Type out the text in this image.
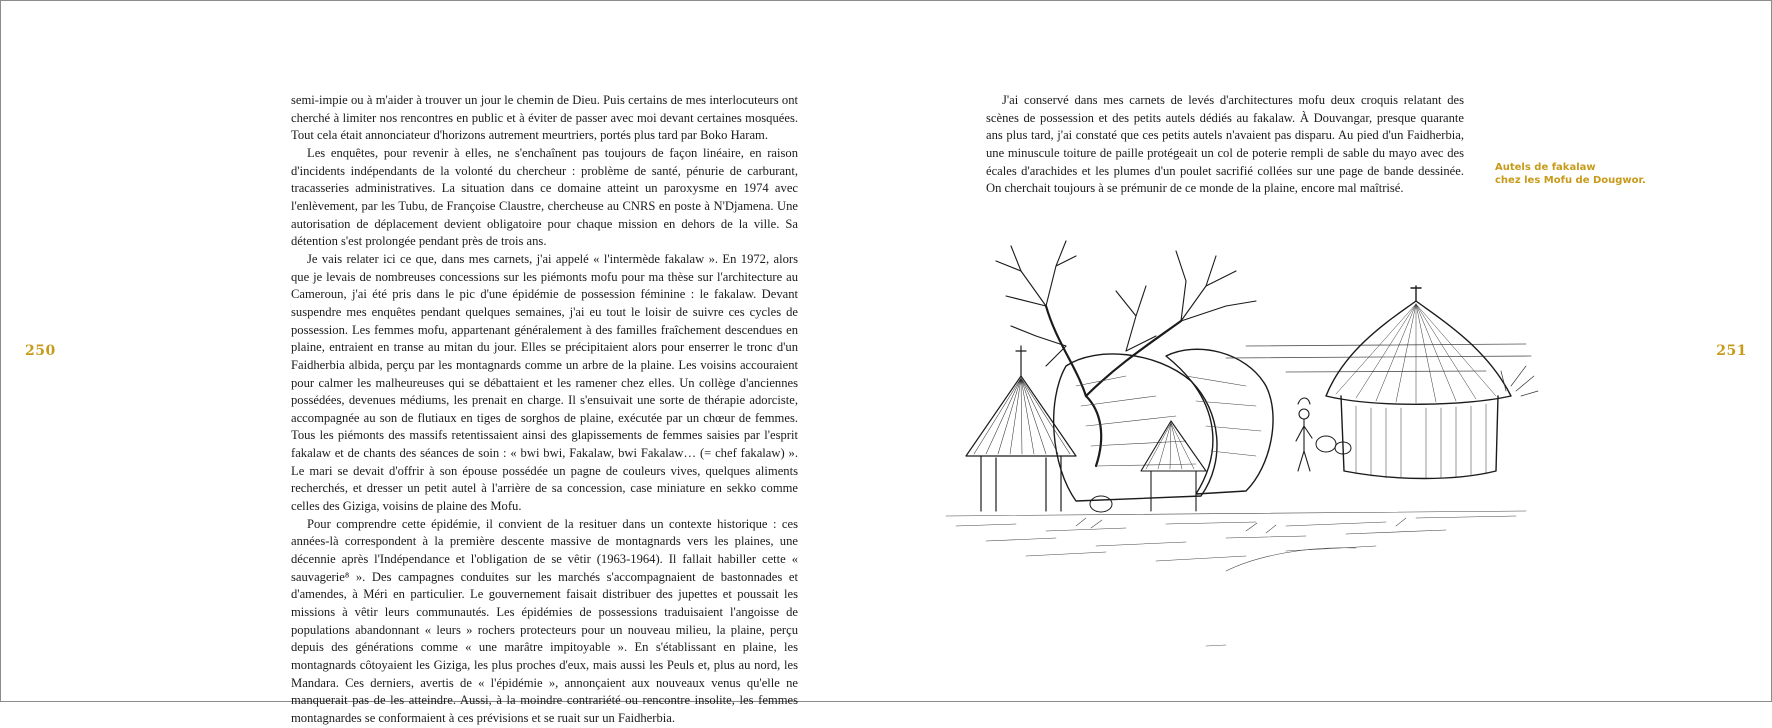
250

semi-impie ou à m'aider à trouver un jour le chemin de Dieu. Puis certains de mes interlocuteurs ont cherché à limiter nos rencontres en public et à éviter de passer avec moi devant certaines mosquées. Tout cela était annonciateur d'horizons autrement meurtriers, portés plus tard par Boko Haram.

Les enquêtes, pour revenir à elles, ne s'enchaînent pas toujours de façon linéaire, en raison d'incidents indépendants de la volonté du chercheur : problème de santé, pénurie de carburant, tracasseries administratives. La situation dans ce domaine atteint un paroxysme en 1974 avec l'enlèvement, par les Tubu, de Françoise Claustre, chercheuse au CNRS en poste à N'Djamena. Une autorisation de déplacement devient obligatoire pour chaque mission en dehors de la ville. Sa détention s'est prolongée pendant près de trois ans.

Je vais relater ici ce que, dans mes carnets, j'ai appelé « l'intermède fakalaw ». En 1972, alors que je levais de nombreuses concessions sur les piémonts mofu pour ma thèse sur l'architecture au Cameroun, j'ai été pris dans le pic d'une épidémie de possession féminine : le fakalaw. Devant suspendre mes enquêtes pendant quelques semaines, j'ai eu tout le loisir de suivre ces cycles de possession. Les femmes mofu, appartenant généralement à des familles fraîchement descendues en plaine, entraient en transe au mitan du jour. Elles se précipitaient alors pour enserrer le tronc d'un Faidherbia albida, perçu par les montagnards comme un arbre de la plaine. Les voisins accouraient pour calmer les malheureuses qui se débattaient et les ramener chez elles. Un collège d'anciennes possédées, devenues médiums, les prenait en charge. Il s'ensuivait une sorte de thérapie adorciste, accompagnée au son de flutiaux en tiges de sorghos de plaine, exécutée par un chœur de femmes. Tous les piémonts des massifs retentissaient ainsi des glapissements de femmes saisies par l'esprit fakalaw et de chants des séances de soin : « bwi bwi, Fakalaw, bwi Fakalaw… (= chef fakalaw) ». Le mari se devait d'offrir à son épouse possédée un pagne de couleurs vives, quelques aliments recherchés, et dresser un petit autel à l'arrière de sa concession, case miniature en sekko comme celles des Giziga, voisins de plaine des Mofu.

Pour comprendre cette épidémie, il convient de la resituer dans un contexte historique : ces années-là correspondent à la première descente massive de montagnards vers les plaines, une décennie après l'Indépendance et l'obligation de se vêtir (1963-1964). Il fallait habiller cette « sauvagerie⁸ ». Des campagnes conduites sur les marchés s'accompagnaient de bastonnades et d'amendes, à Méri en particulier. Le gouvernement faisait distribuer des jupettes et poussait les missions à vêtir leurs communautés. Les épidémies de possessions traduisaient l'angoisse de populations abandonnant « leurs » rochers protecteurs pour un nouveau milieu, la plaine, perçu depuis des générations comme « une marâtre impitoyable ». En s'établissant en plaine, les montagnards côtoyaient les Giziga, les plus proches d'eux, mais aussi les Peuls et, plus au nord, les Mandara. Ces derniers, avertis de « l'épidémie », annonçaient aux nouveaux venus qu'elle ne manquerait pas de les atteindre. Aussi, à la moindre contrariété ou rencontre insolite, les femmes montagnardes se conformaient à ces prévisions et se ruait sur un Faidherbia.

251

J'ai conservé dans mes carnets de levés d'architectures mofu deux croquis relatant des scènes de possession et des petits autels dédiés au fakalaw. À Douvangar, presque quarante ans plus tard, j'ai constaté que ces petits autels n'avaient pas disparu. Au pied d'un Faidherbia, une minuscule toiture de paille protégeait un col de poterie rempli de sable du mayo avec des écales d'arachides et les plumes d'un poulet sacrifié collées sur une page de bande dessinée. On cherchait toujours à se prémunir de ce monde de la plaine, encore mal maîtrisé.

Autels de fakalaw
chez les Mofu de Dougwor.
